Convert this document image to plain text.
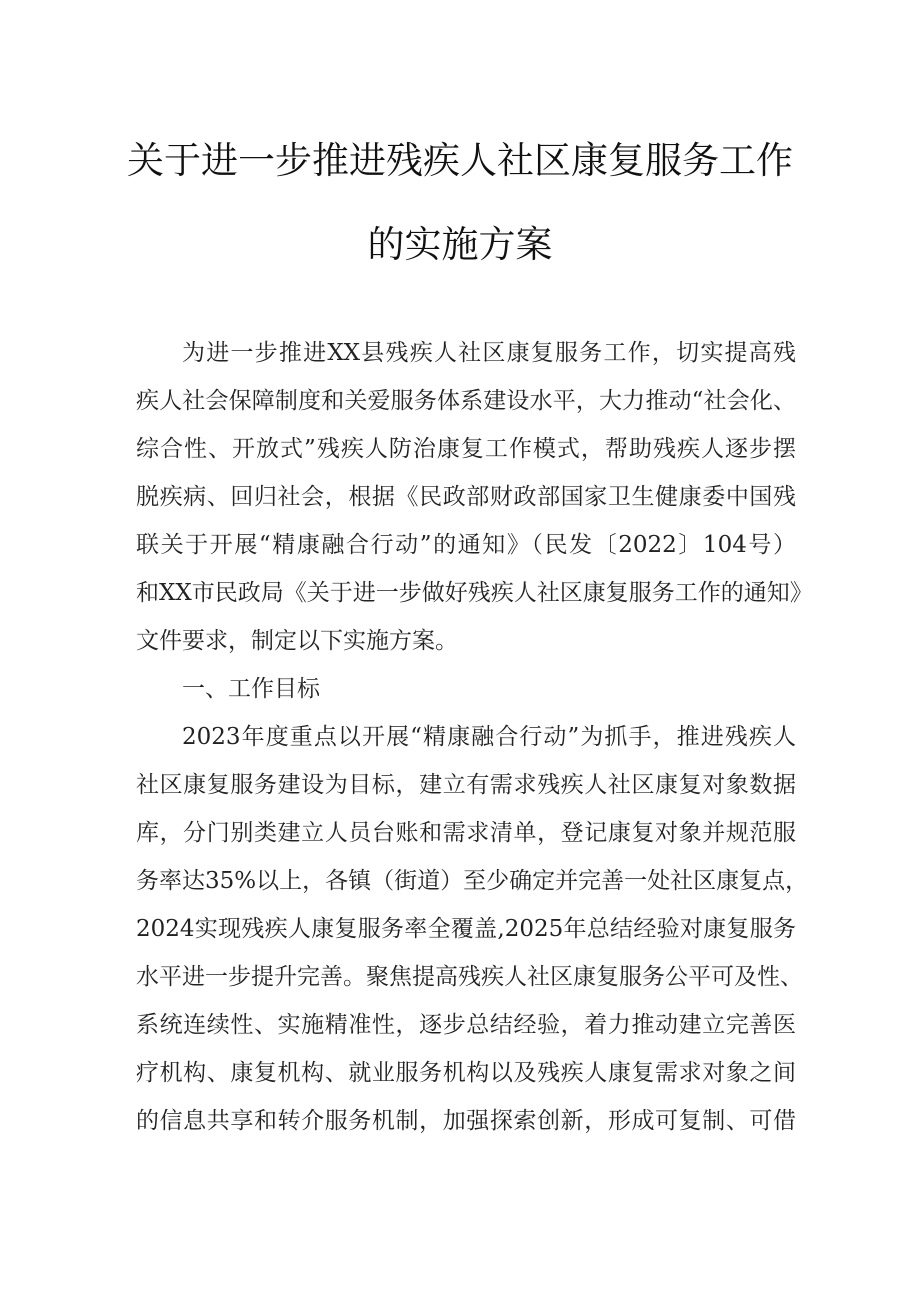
关于进一步推进残疾人社区康复服务工作
的实施方案
为进一步推进XX县残疾人社区康复服务工作，切实提高残
疾人社会保障制度和关爱服务体系建设水平，大力推动“社会化、
综合性、开放式”残疾人防治康复工作模式，帮助残疾人逐步摆
脱疾病、回归社会，根据《民政部财政部国家卫生健康委中国残
联关于开展“精康融合行动”的通知》（民发〔2022〕104号）
和XX市民政局《关于进一步做好残疾人社区康复服务工作的通知》
文件要求，制定以下实施方案。
一、工作目标
2023年度重点以开展“精康融合行动”为抓手，推进残疾人
社区康复服务建设为目标，建立有需求残疾人社区康复对象数据
库，分门别类建立人员台账和需求清单，登记康复对象并规范服
务率达35%以上，各镇（街道）至少确定并完善一处社区康复点，
2024实现残疾人康复服务率全覆盖,2025年总结经验对康复服务
水平进一步提升完善。聚焦提高残疾人社区康复服务公平可及性、
系统连续性、实施精准性，逐步总结经验，着力推动建立完善医
疗机构、康复机构、就业服务机构以及残疾人康复需求对象之间
的信息共享和转介服务机制，加强探索创新，形成可复制、可借
